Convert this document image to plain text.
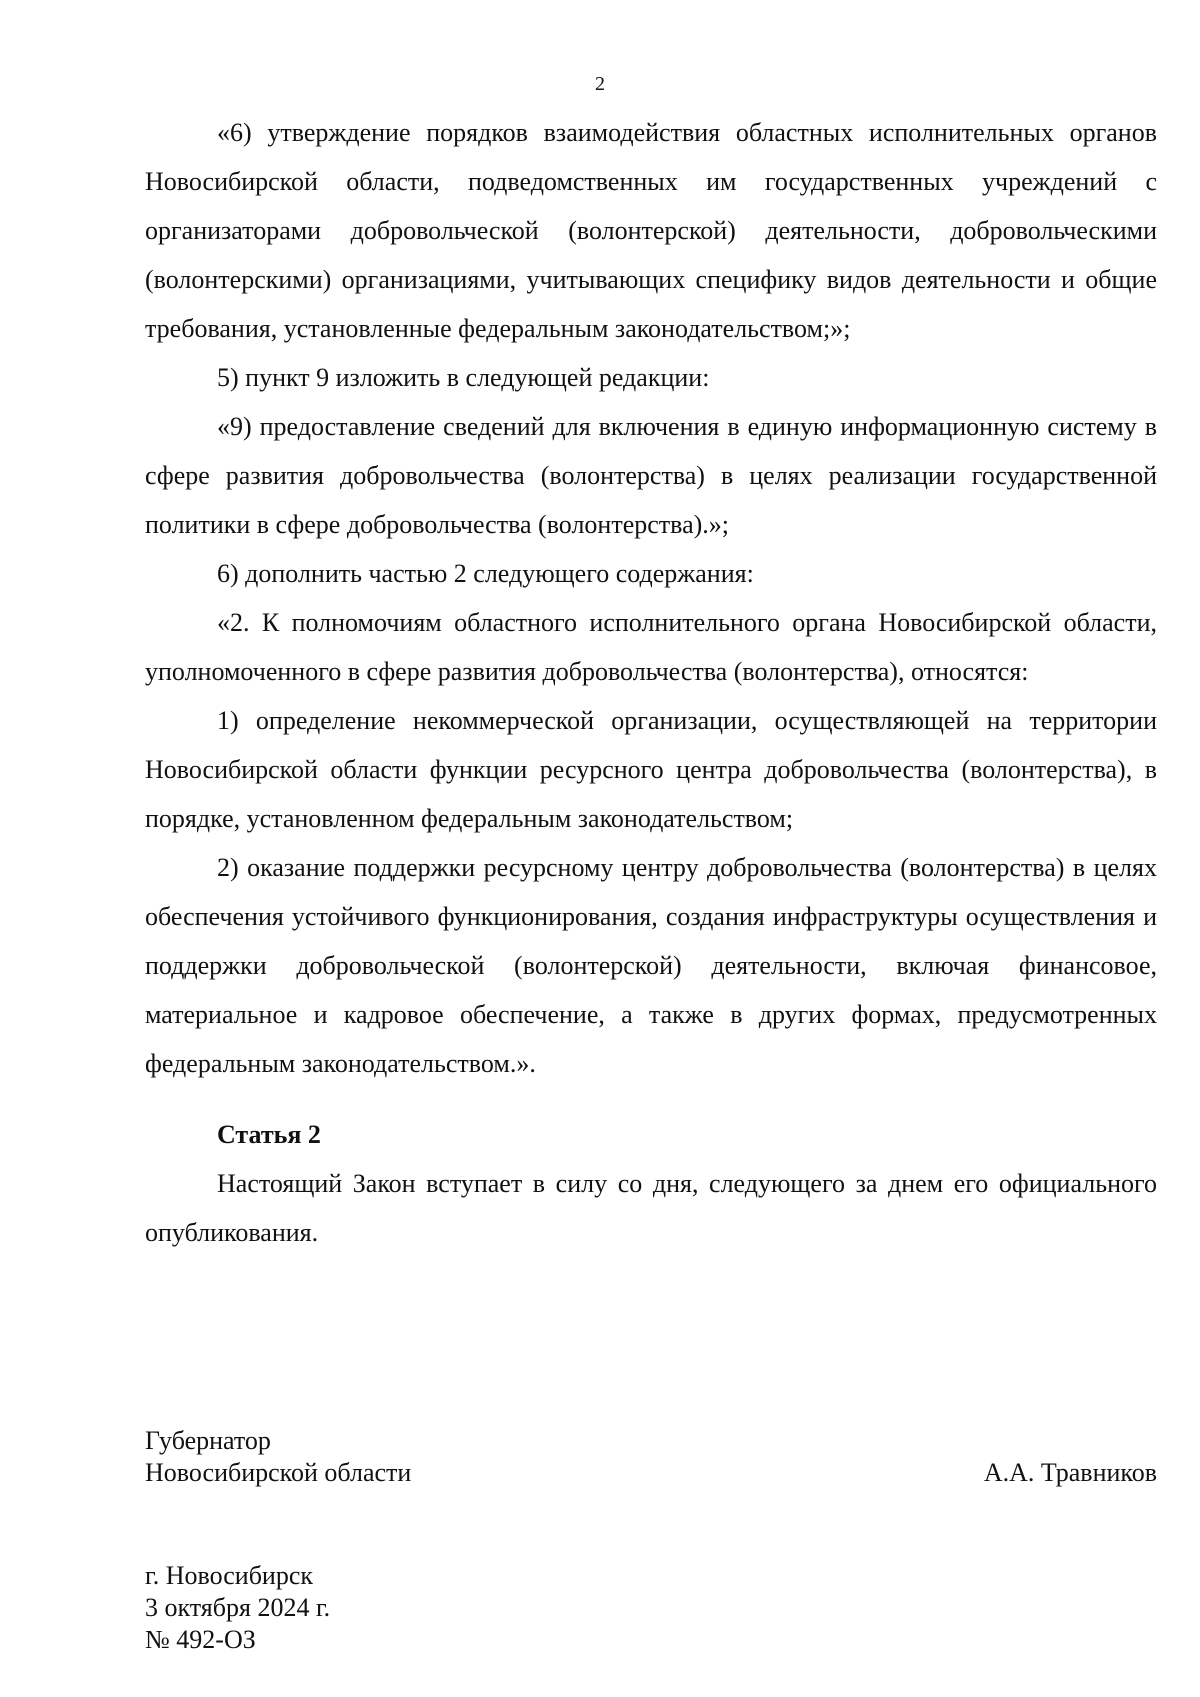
2

«6) утверждение порядков взаимодействия областных исполнительных органов Новосибирской области, подведомственных им государственных учреждений с организаторами добровольческой (волонтерской) деятельности, добровольческими (волонтерскими) организациями, учитывающих специфику видов деятельности и общие требования, установленные федеральным законодательством;»;

5) пункт 9 изложить в следующей редакции:

«9) предоставление сведений для включения в единую информационную систему в сфере развития добровольчества (волонтерства) в целях реализации государственной политики в сфере добровольчества (волонтерства).»;

6) дополнить частью 2 следующего содержания:

«2. К полномочиям областного исполнительного органа Новосибирской области, уполномоченного в сфере развития добровольчества (волонтерства), относятся:

1) определение некоммерческой организации, осуществляющей на территории Новосибирской области функции ресурсного центра добровольчества (волонтерства), в порядке, установленном федеральным законодательством;

2) оказание поддержки ресурсному центру добровольчества (волонтерства) в целях обеспечения устойчивого функционирования, создания инфраструктуры осуществления и поддержки добровольческой (волонтерской) деятельности, включая финансовое, материальное и кадровое обеспечение, а также в других формах, предусмотренных федеральным законодательством.».

Статья 2

Настоящий Закон вступает в силу со дня, следующего за днем его официального опубликования.

Губернатор
Новосибирской области	А.А. Травников
г. Новосибирск
3 октября 2024 г.
№ 492-ОЗ
